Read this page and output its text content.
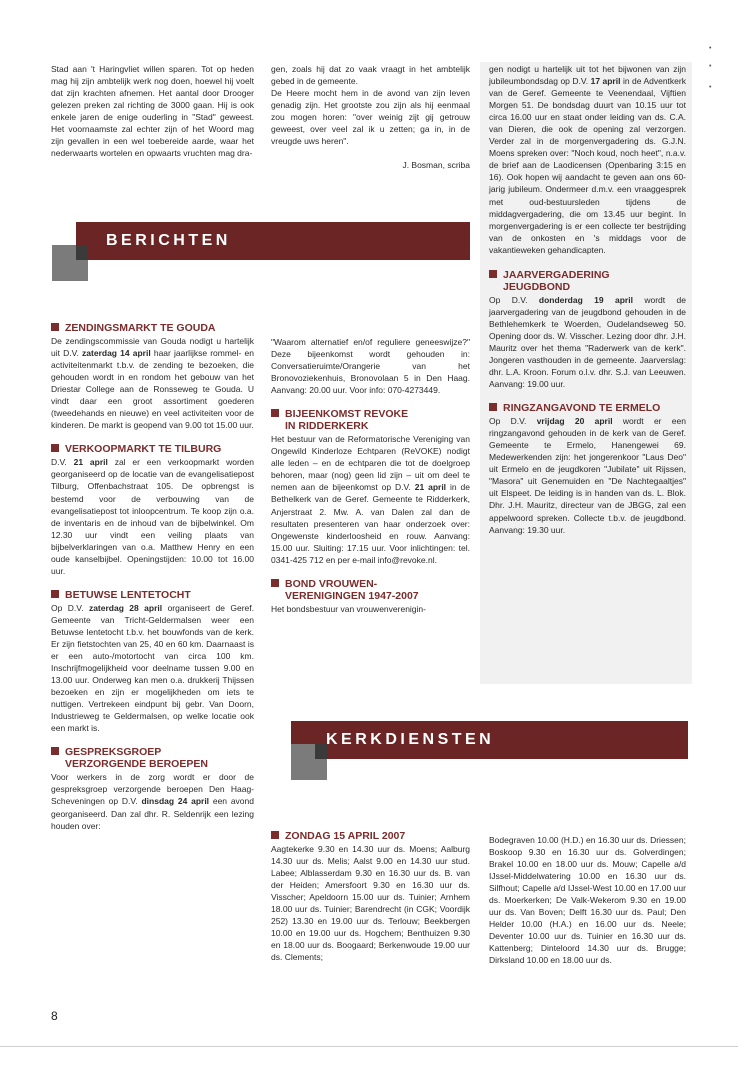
Stad aan 't Haringvliet willen sparen. Tot op heden mag hij zijn ambtelijk werk nog doen, hoewel hij voelt dat zijn krachten afnemen. Het aantal door Drooger gelezen preken zal richting de 3000 gaan. Hij is ook enkele jaren de enige ouderling in "Stad" geweest. Het voornaamste zal echter zijn of het Woord mag zijn gevallen in een wel toebereide aarde, waar het nederwaarts wortelen en opwaarts vruchten mag dra-

gen, zoals hij dat zo vaak vraagt in het ambtelijk gebed in de gemeente.

De Heere mocht hem in de avond van zijn leven genadig zijn. Het grootste zou zijn als hij eenmaal zou mogen horen: "over weinig zijt gij getrouw geweest, over veel zal ik u zetten; ga in, in de vreugde uws heren".

J. Bosman, scriba

BERICHTEN
ZENDINGSMARKT TE GOUDA

De zendingscommissie van Gouda nodigt u hartelijk uit D.V. zaterdag 14 april haar jaarlijkse rommel- en activiteitenmarkt t.b.v. de zending te bezoeken, die gehouden wordt in en rondom het gebouw van het Driestar College aan de Ronsseweg te Gouda. U vindt daar een groot assortiment goederen (tweedehands en nieuwe) en veel activiteiten voor de kinderen. De markt is geopend van 9.00 tot 15.00 uur.

VERKOOPMARKT TE TILBURG

D.V. 21 april zal er een verkoopmarkt worden georganiseerd op de locatie van de evangelisatiepost Tilburg, Offenbachstraat 105. De opbrengst is bestemd voor de verbouwing van de evangelisatiepost tot inloopcentrum. Te koop zijn o.a. de inventaris en de inhoud van de bijbelwinkel. Om 12.30 uur vindt een veiling plaats van bijbelverklaringen van o.a. Matthew Henry en een oude kanselbijbel. Openingstijden: 10.00 tot 16.00 uur.

BETUWSE LENTETOCHT

Op D.V. zaterdag 28 april organiseert de Geref. Gemeente van Tricht-Geldermalsen weer een Betuwse lentetocht t.b.v. het bouwfonds van de kerk. Er zijn fietstochten van 25, 40 en 60 km. Daarnaast is er een auto-/motortocht van circa 100 km. Inschrijfmogelijkheid voor deelname tussen 9.00 en 13.00 uur. Onderweg kan men o.a. drukkerij Thijssen bezoeken en zijn er mogelijkheden om iets te nuttigen. Vertrekeen eindpunt bij gebr. Van Doorn, Industrieweg te Geldermalsen, op welke locatie ook een markt is.

GESPREKSGROEP
VERZORGENDE BEROEPEN

Voor werkers in de zorg wordt er door de gespreksgroep verzorgende beroepen Den Haag-Scheveningen op D.V. dinsdag 24 april een avond georganiseerd. Dan zal dhr. R. Seldenrijk een lezing houden over:

"Waarom alternatief en/of reguliere geneeswijze?" Deze bijeenkomst wordt gehouden in: Conversatieruimte/Orangerie van het Bronovoziekenhuis, Bronovolaan 5 in Den Haag. Aanvang: 20.00 uur. Voor info: 070-4273449.

BIJEENKOMST REVOKE
IN RIDDERKERK

Het bestuur van de Reformatorische Vereniging van Ongewild Kinderloze Echtparen (ReVOKE) nodigt alle leden – en de echtparen die tot de doelgroep behoren, maar (nog) geen lid zijn – uit om deel te nemen aan de bijeenkomst op D.V. 21 april in de Bethelkerk van de Geref. Gemeente te Ridderkerk, Anjerstraat 2. Mw. A. van Dalen zal dan de resultaten presenteren van haar onderzoek over: Ongewenste kinderloosheid en rouw. Aanvang: 15.00 uur. Sluiting: 17.15 uur. Voor inlichtingen: tel. 0341-425 712 en per e-mail info@revoke.nl.

BOND VROUWEN-
VERENIGINGEN 1947-2007

Het bondsbestuur van vrouwenverenigin-

gen nodigt u hartelijk uit tot het bijwonen van zijn jubileumbondsdag op D.V. 17 april in de Adventkerk van de Geref. Gemeente te Veenendaal, Vijftien Morgen 51. De bondsdag duurt van 10.15 uur tot circa 16.00 uur en staat onder leiding van ds. C.A. van Dieren, die ook de opening zal verzorgen. Verder zal in de morgenvergadering ds. G.J.N. Moens spreken over: "Noch koud, noch heet", n.a.v. de brief aan de Laodicensen (Openbaring 3:15 en 16). Ook hopen wij aandacht te geven aan ons 60-jarig jubileum. Ondermeer d.m.v. een vraaggesprek met oud-bestuursleden tijdens de middagvergadering, die om 13.45 uur begint. In morgenvergadering is er een collecte ter bestrijding van de onkosten en 's middags voor de vakantieweken gehandicapten.

JAARVERGADERING
JEUGDBOND

Op D.V. donderdag 19 april wordt de jaarvergadering van de jeugdbond gehouden in de Bethlehemkerk te Woerden, Oudelandseweg 50. Opening door ds. W. Visscher. Lezing door dhr. J.H. Mauritz over het thema "Raderwerk van de kerk". Jongeren vasthouden in de gemeente. Jaarverslag: dhr. L.A. Kroon. Forum o.l.v. dhr. S.J. van Leeuwen. Aanvang: 19.00 uur.

RINGZANGAVOND TE ERMELO

Op D.V. vrijdag 20 april wordt er een ringzangavond gehouden in de kerk van de Geref. Gemeente te Ermelo, Hanengewei 69. Medewerkenden zijn: het jongerenkoor "Laus Deo" uit Ermelo en de jeugdkoren "Jubilate" uit Rijssen, "Masora" uit Genemuiden en "De Nachtegaaltjes" uit Elspeet. De leiding is in handen van ds. L. Blok. Dhr. J.H. Mauritz, directeur van de JBGG, zal een appelwoord spreken. Collecte t.b.v. de jeugdbond. Aanvang: 19.30 uur.

KERKDIENSTEN
ZONDAG 15 APRIL 2007

Aagtekerke 9.30 en 14.30 uur ds. Moens; Aalburg 14.30 uur ds. Melis; Aalst 9.00 en 14.30 uur stud. Labee; Alblasserdam 9.30 en 16.30 uur ds. B. van der Heiden; Amersfoort 9.30 en 16.30 uur ds. Visscher; Apeldoorn 15.00 uur ds. Tuinier; Arnhem 18.00 uur ds. Tuinier; Barendrecht (in CGK; Voordijk 252) 13.30 en 19.00 uur ds. Terlouw; Beekbergen 10.00 en 19.00 uur ds. Hogchem; Benthuizen 9.30 en 18.00 uur ds. Boogaard; Berkenwoude 19.00 uur ds. Clements;

Bodegraven 10.00 (H.D.) en 16.30 uur ds. Driessen; Boskoop 9.30 en 16.30 uur ds. Golverdingen; Brakel 10.00 en 18.00 uur ds. Mouw; Capelle a/d IJssel-Middelwatering 10.00 en 16.30 uur ds. Silfhout; Capelle a/d IJssel-West 10.00 en 17.00 uur ds. Moerkerken; De Valk-Wekerom 9.30 en 19.00 uur ds. Van Boven; Delft 16.30 uur ds. Paul; Den Helder 10.00 (H.A.) en 16.00 uur ds. Neele; Deventer 10.00 uur ds. Tuinier en 16.30 uur ds. Kattenberg; Dinteloord 14.30 uur ds. Brugge; Dirksland 10.00 en 18.00 uur ds.

•
•
•
8
